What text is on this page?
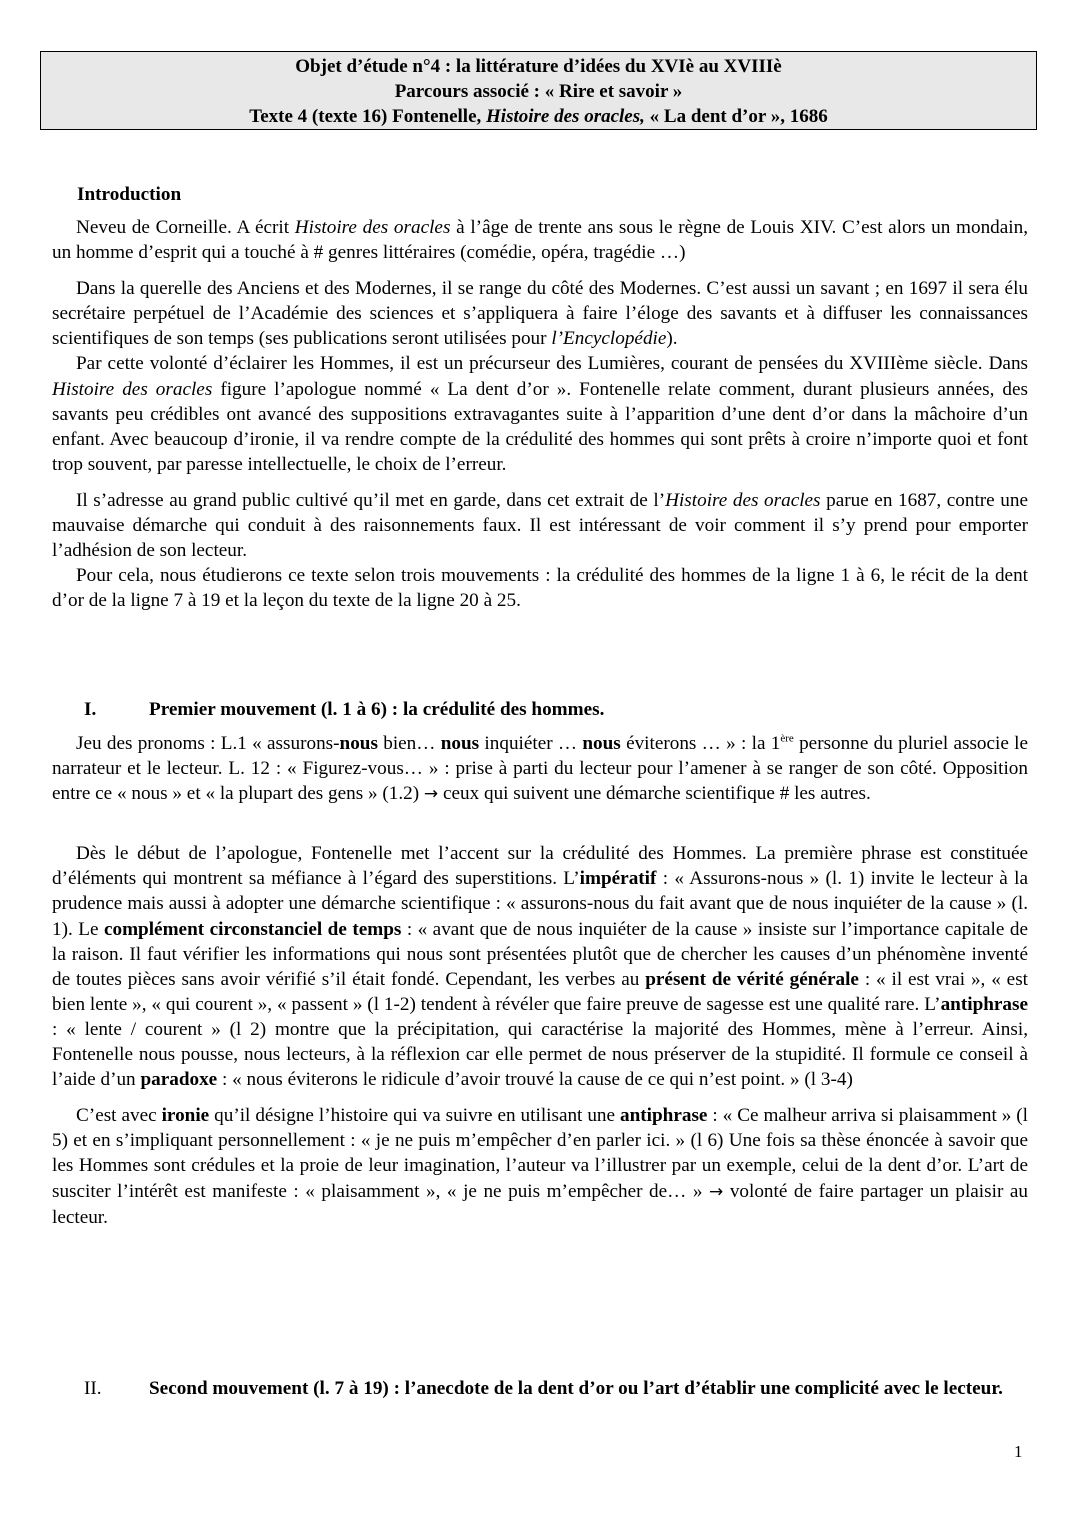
Objet d’étude n°4 : la littérature d’idées du XVIè au XVIIIè
Parcours associé : « Rire et savoir »
Texte 4 (texte 16) Fontenelle, Histoire des oracles, « La dent d’or », 1686
Introduction

Neveu de Corneille. A écrit Histoire des oracles à l’âge de trente ans sous le règne de Louis XIV. C’est alors un mondain, un homme d’esprit qui a touché à # genres littéraires (comédie, opéra, tragédie …)

Dans la querelle des Anciens et des Modernes, il se range du côté des Modernes. C’est aussi un savant ; en 1697 il sera élu secrétaire perpétuel de l’Académie des sciences et s’appliquera à faire l’éloge des savants et à diffuser les connaissances scientifiques de son temps (ses publications seront utilisées pour l’Encyclopédie).

Par cette volonté d’éclairer les Hommes, il est un précurseur des Lumières, courant de pensées du XVIIIème siècle. Dans Histoire des oracles figure l’apologue nommé « La dent d’or ». Fontenelle relate comment, durant plusieurs années, des savants peu crédibles ont avancé des suppositions extravagantes suite à l’apparition d’une dent d’or dans la mâchoire d’un enfant. Avec beaucoup d’ironie, il va rendre compte de la crédulité des hommes qui sont prêts à croire n’importe quoi et font trop souvent, par paresse intellectuelle, le choix de l’erreur.

Il s’adresse au grand public cultivé qu’il met en garde, dans cet extrait de l’Histoire des oracles parue en 1687, contre une mauvaise démarche qui conduit à des raisonnements faux. Il est intéressant de voir comment il s’y prend pour emporter l’adhésion de son lecteur.

Pour cela, nous étudierons ce texte selon trois mouvements : la crédulité des hommes de la ligne 1 à 6, le récit de la dent d’or de la ligne 7 à 19 et la leçon du texte de la ligne 20 à 25.

I.	Premier mouvement (l. 1 à 6) : la crédulité des hommes.

Jeu des pronoms : L.1 « assurons-nous bien… nous inquiéter … nous éviterons … » : la 1ère personne du pluriel associe le narrateur et le lecteur. L. 12 : « Figurez-vous… » : prise à parti du lecteur pour l’amener à se ranger de son côté. Opposition entre ce « nous » et « la plupart des gens » (1.2) → ceux qui suivent une démarche scientifique # les autres.

Dès le début de l’apologue, Fontenelle met l’accent sur la crédulité des Hommes. La première phrase est constituée d’éléments qui montrent sa méfiance à l’égard des superstitions. L’impératif : « Assurons-nous » (l. 1) invite le lecteur à la prudence mais aussi à adopter une démarche scientifique : « assurons-nous du fait avant que de nous inquiéter de la cause » (l. 1). Le complément circonstanciel de temps : « avant que de nous inquiéter de la cause » insiste sur l’importance capitale de la raison. Il faut vérifier les informations qui nous sont présentées plutôt que de chercher les causes d’un phénomène inventé de toutes pièces sans avoir vérifié s’il était fondé. Cependant, les verbes au présent de vérité générale : « il est vrai », « est bien lente », « qui courent », « passent » (l 1-2) tendent à révéler que faire preuve de sagesse est une qualité rare. L’antiphrase : « lente / courent » (l 2) montre que la précipitation, qui caractérise la majorité des Hommes, mène à l’erreur. Ainsi, Fontenelle nous pousse, nous lecteurs, à la réflexion car elle permet de nous préserver de la stupidité. Il formule ce conseil à l’aide d’un paradoxe : « nous éviterons le ridicule d’avoir trouvé la cause de ce qui n’est point. » (l 3-4)

C’est avec ironie qu’il désigne l’histoire qui va suivre en utilisant une antiphrase : « Ce malheur arriva si plaisamment » (l 5) et en s’impliquant personnellement : « je ne puis m’empêcher d’en parler ici. » (l 6) Une fois sa thèse énoncée à savoir que les Hommes sont crédules et la proie de leur imagination, l’auteur va l’illustrer par un exemple, celui de la dent d’or. L’art de susciter l’intérêt est manifeste : « plaisamment », « je ne puis m’empêcher de… » → volonté de faire partager un plaisir au lecteur.

II. Second mouvement (l. 7 à 19) : l’anecdote de la dent d’or ou l’art d’établir une complicité avec le lecteur.
1
